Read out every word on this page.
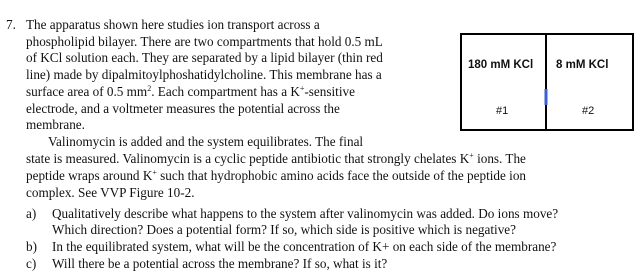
7. The apparatus shown here studies ion transport across a
phospholipid bilayer. There are two compartments that hold 0.5 mL
of KCl solution each. They are separated by a lipid bilayer (thin red
line) made by dipalmitoylphoshatidylcholine. This membrane has a
surface area of 0.5 $mm^2$. Each compartment has a K+-sensitive
electrode, and a voltmeter measures the potential across the
membrane.
Valinomycin is added and the system equilibrates. The final
state is measured. Valinomycin is a cyclic peptide antibiotic that strongly chelates K+ ions. The
peptide wraps around K+ such that hydrophobic amino acids face the outside of the peptide ion
complex. See VVP Figure 10-2.
a) Qualitatively describe what happens to the system after valinomycin was added. Do ions move?
Which direction? Does a potential form? If so, which side is positive which is negative?
b) In the equilibrated system, what will be the concentration of K+ on each side of the membrane?
c) Will there be a potential across the membrane? If so, what is it?
180 mM KCl 8 mM KCl
#1	#2
